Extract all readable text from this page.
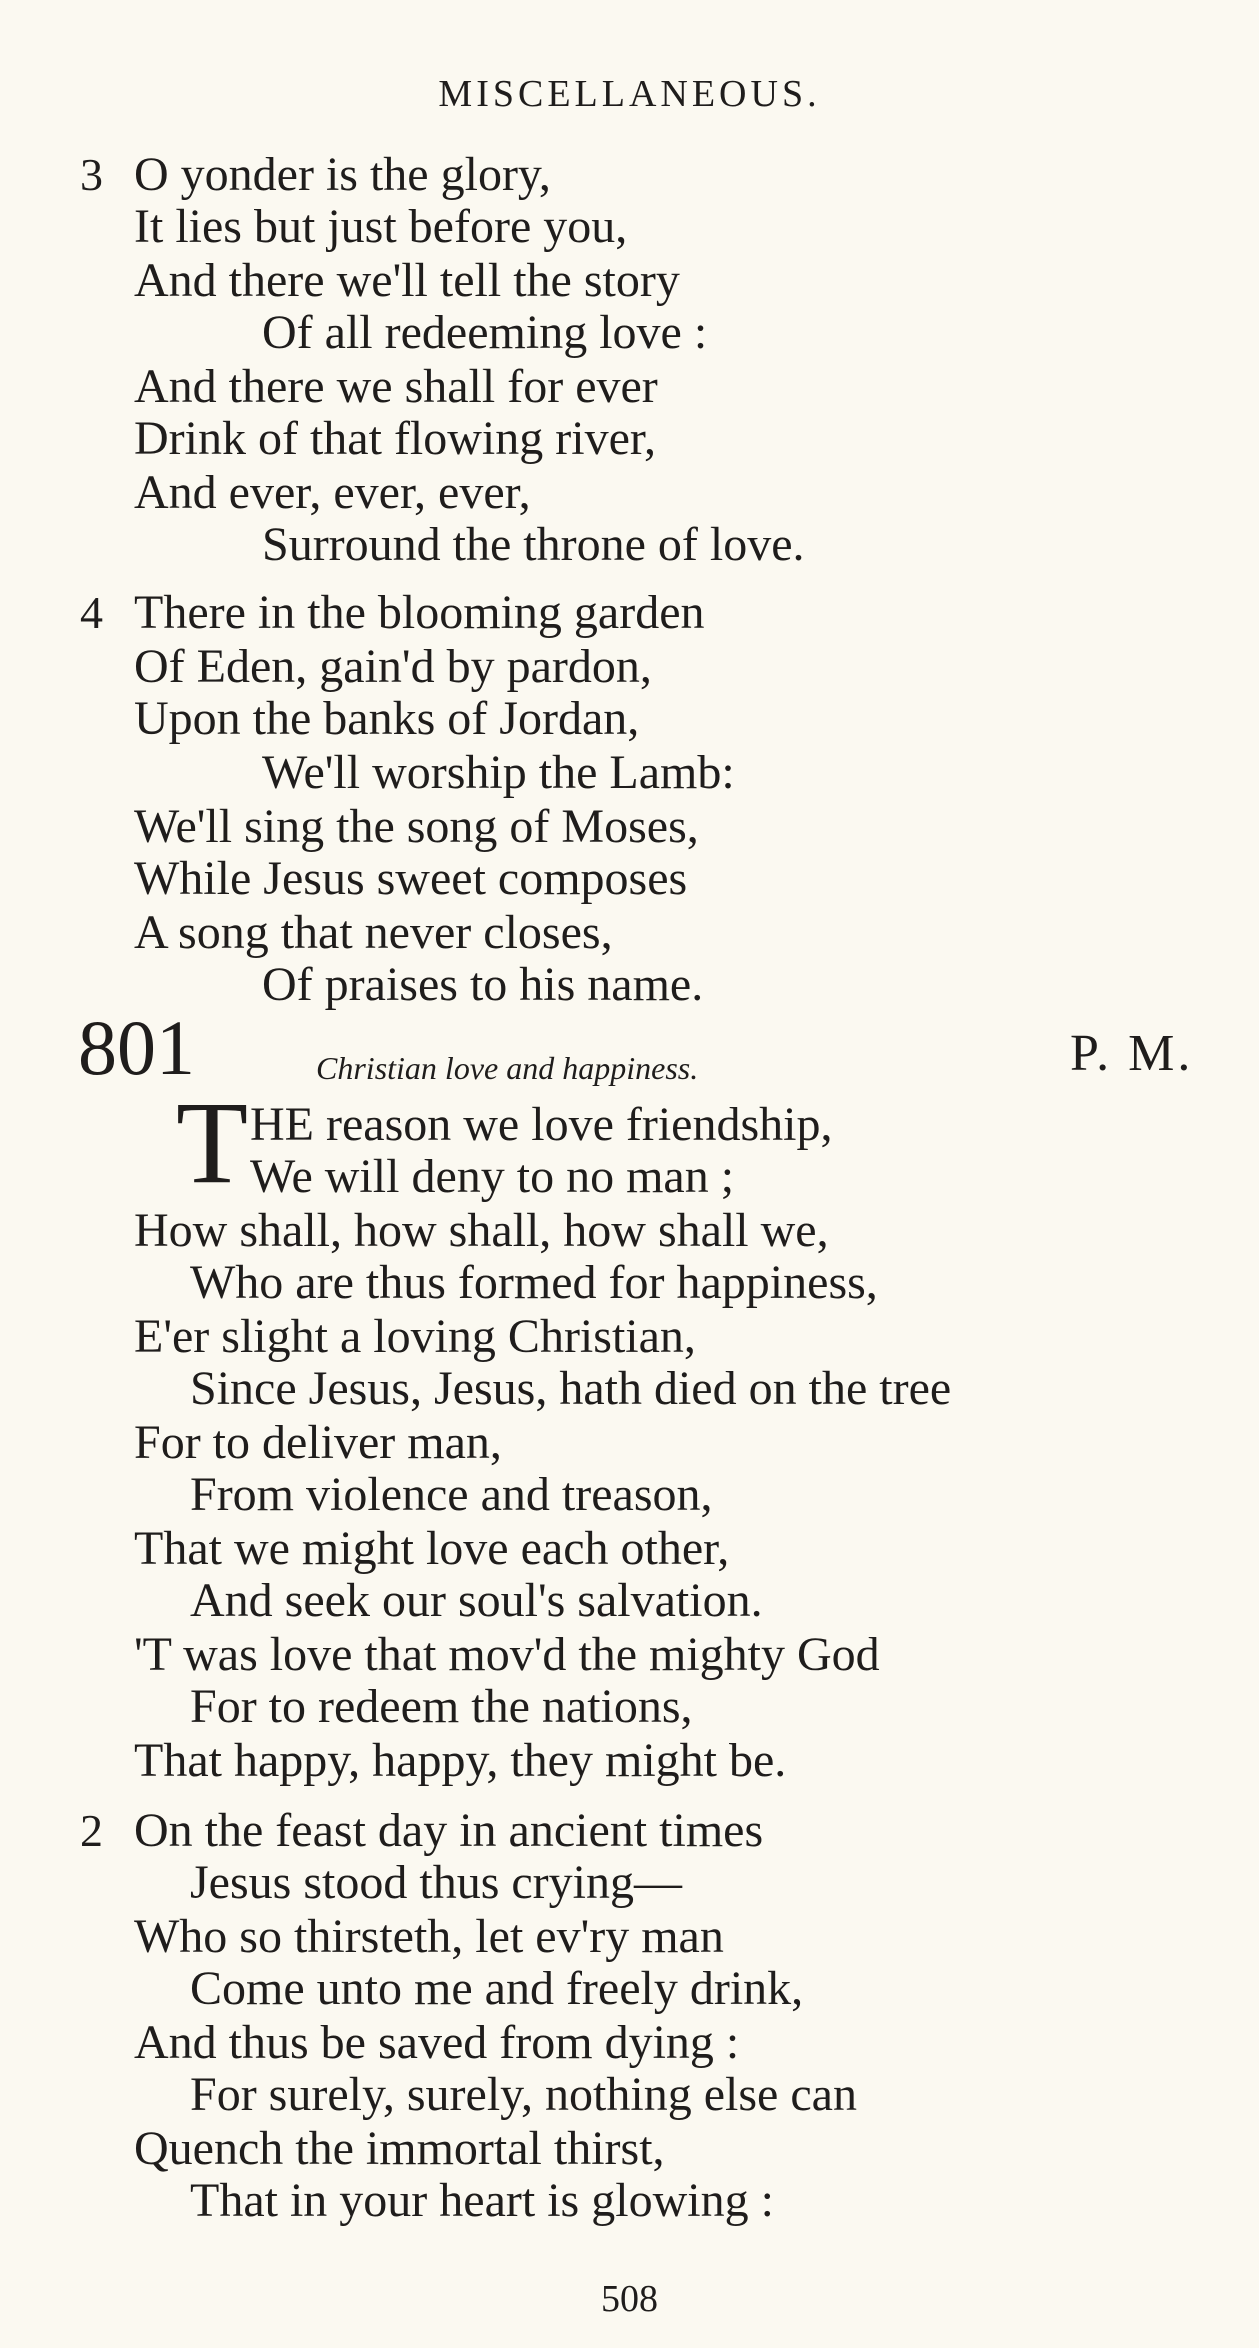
MISCELLANEOUS.
3 O yonder is the glory,
It lies but just before you,
And there we'll tell the story
Of all redeeming love :
And there we shall for ever
Drink of that flowing river,
And ever, ever, ever,
Surround the throne of love.
4 There in the blooming garden
Of Eden, gain'd by pardon,
Upon the banks of Jordan,
We'll worship the Lamb:
We'll sing the song of Moses,
While Jesus sweet composes
A song that never closes,
Of praises to his name.
801	Christian love and happiness.	P. M.
T HE reason we love friendship,
We will deny to no man ;
How shall, how shall, how shall we,
Who are thus formed for happiness,
E'er slight a loving Christian,
Since Jesus, Jesus, hath died on the tree
For to deliver man,
From violence and treason,
That we might love each other,
And seek our soul's salvation.
'T was love that mov'd the mighty God
For to redeem the nations,
That happy, happy, they might be.
2 On the feast day in ancient times
Jesus stood thus crying—
Who so thirsteth, let ev'ry man
Come unto me and freely drink,
And thus be saved from dying :
For surely, surely, nothing else can
Quench the immortal thirst,
That in your heart is glowing :
508
